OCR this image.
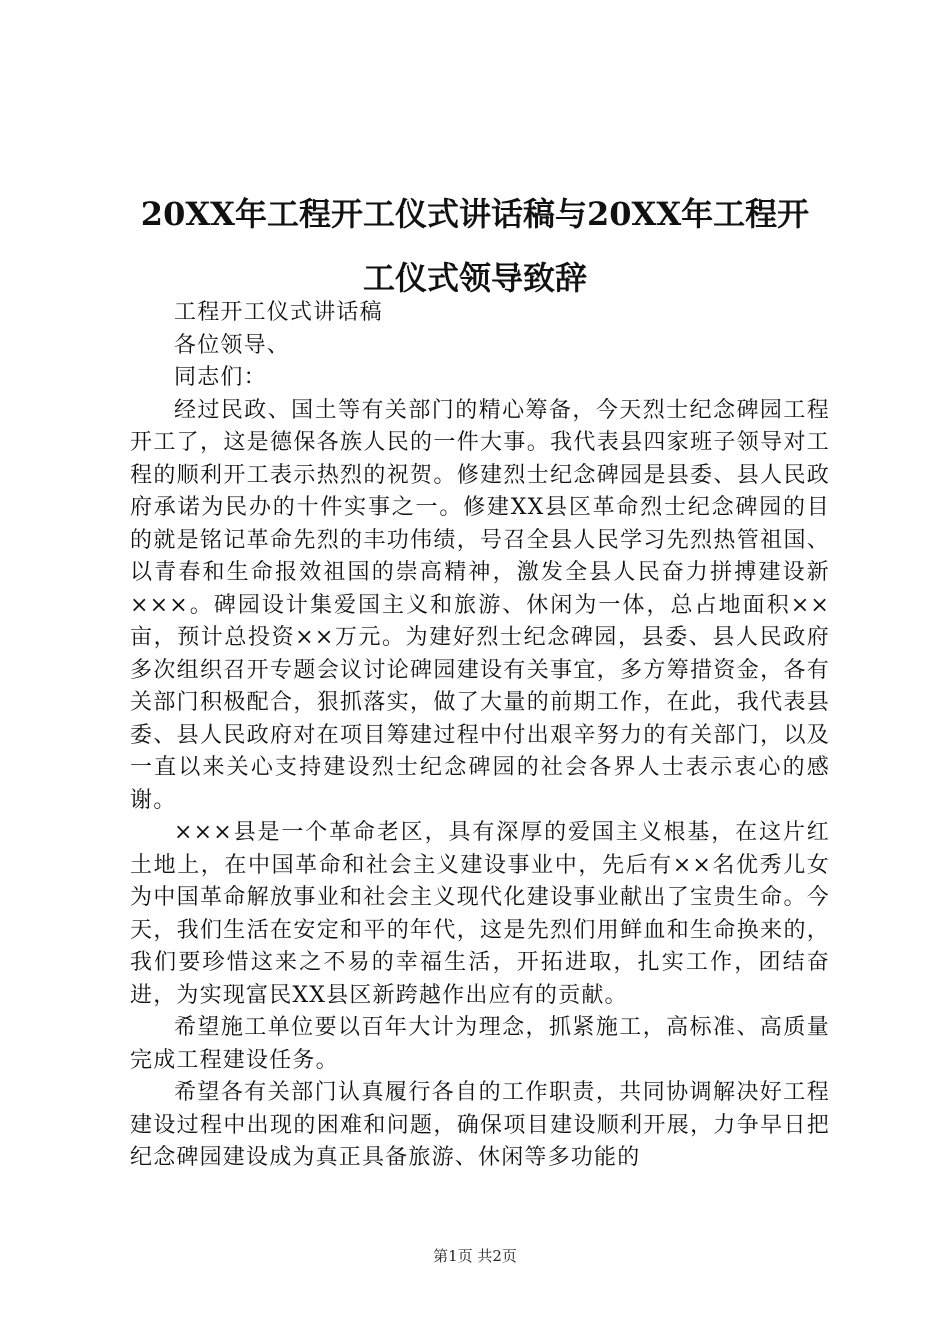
20XX年工程开工仪式讲话稿与20XX年工程开
工仪式领导致辞

工程开工仪式讲话稿

各位领导、

同志们：

经过民政、国土等有关部门的精心筹备，今天烈士纪念碑园工程开工了，这是德保各族人民的一件大事。我代表县四家班子领导对工程的顺利开工表示热烈的祝贺。修建烈士纪念碑园是县委、县人民政府承诺为民办的十件实事之一。修建XX县区革命烈士纪念碑园的目的就是铭记革命先烈的丰功伟绩，号召全县人民学习先烈热管祖国、以青春和生命报效祖国的崇高精神，激发全县人民奋力拼搏建设新×××。碑园设计集爱国主义和旅游、休闲为一体，总占地面积××亩，预计总投资××万元。为建好烈士纪念碑园，县委、县人民政府多次组织召开专题会议讨论碑园建设有关事宜，多方筹措资金，各有关部门积极配合，狠抓落实，做了大量的前期工作，在此，我代表县委、县人民政府对在项目筹建过程中付出艰辛努力的有关部门，以及一直以来关心支持建设烈士纪念碑园的社会各界人士表示衷心的感谢。

×××县是一个革命老区，具有深厚的爱国主义根基，在这片红土地上，在中国革命和社会主义建设事业中，先后有××名优秀儿女为中国革命解放事业和社会主义现代化建设事业献出了宝贵生命。今天，我们生活在安定和平的年代，这是先烈们用鲜血和生命换来的，我们要珍惜这来之不易的幸福生活，开拓进取，扎实工作，团结奋进，为实现富民XX县区新跨越作出应有的贡献。

希望施工单位要以百年大计为理念，抓紧施工，高标准、高质量完成工程建设任务。

希望各有关部门认真履行各自的工作职责，共同协调解决好工程建设过程中出现的困难和问题，确保项目建设顺利开展，力争早日把纪念碑园建设成为真正具备旅游、休闲等多功能的

第1页 共2页
